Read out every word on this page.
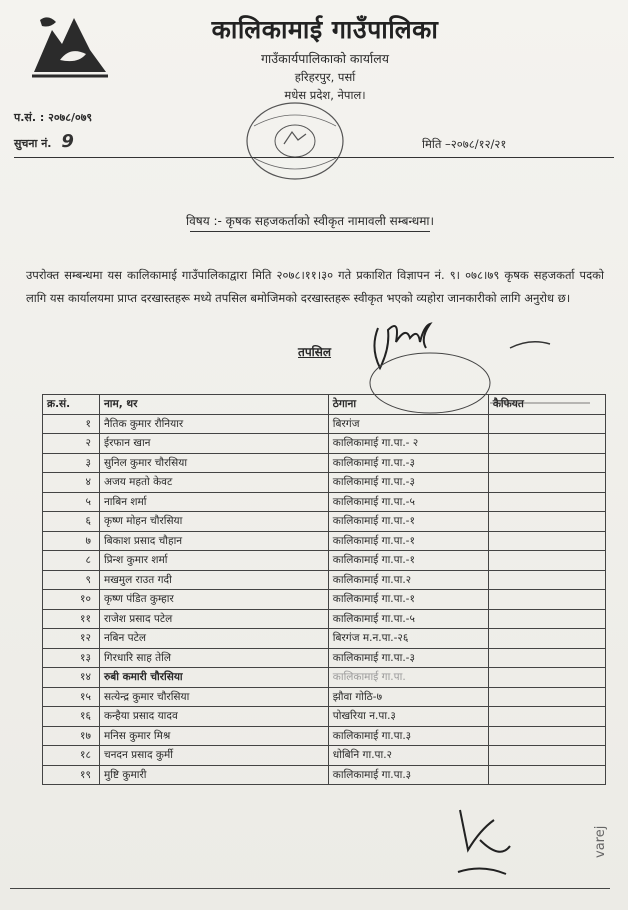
कालिकामाई गाउँपालिका
गाउँकार्यपालिकाको कार्यालय
हरिहरपुर, पर्सा
मधेस प्रदेश, नेपाल।
प.सं. : २०७८/०७९
सुचना नं. 9	मिति –२०७८/१२/२१
विषय :- कृषक सहजकर्ताको स्वीकृत नामावली सम्बन्धमा।
उपरोक्त सम्बन्धमा यस कालिकामाई गाउँपालिकाद्वारा मिति २०७८।११।३० गते प्रकाशित विज्ञापन नं. ९। ०७८।७९ कृषक सहजकर्ता पदको लागि यस कार्यालयमा प्राप्त दरखास्तहरू मध्ये तपसिल बमोजिमको दरखास्तहरू स्वीकृत भएको व्यहोरा जानकारीको लागि अनुरोध छ।
तपसिल
क्र.सं.	नाम, थर	ठेगाना	कैफियत
१	नैतिक कुमार रौनियार	बिरगंज	
२	ईरफान खान	कालिकामाई गा.पा.- २	
३	सुनिल कुमार चौरसिया	कालिकामाई गा.पा.-३	
४	अजय महतो केवट	कालिकामाई गा.पा.-३	
५	नाबिन शर्मा	कालिकामाई गा.पा.-५	
६	कृष्ण मोहन चौरसिया	कालिकामाई गा.पा.-१	
७	बिकाश प्रसाद चौहान	कालिकामाई गा.पा.-१	
८	प्रिन्श कुमार शर्मा	कालिकामाई गा.पा.-१	
९	मखमुल राउत गदी	कालिकामाई गा.पा.२	
१०	कृष्ण पंडित कुम्हार	कालिकामाई गा.पा.-१	
११	राजेश प्रसाद पटेल	कालिकामाई गा.पा.-५	
१२	नबिन पटेल	बिरगंज म.न.पा.-२६	
१३	गिरधारि साह तेलि	कालिकामाई गा.पा.-३	
१४	रुबी कमारी चौरसिया	कालिकामाई गा.पा.	
१५	सत्येन्द्र कुमार चौरसिया	झौवा गोठि-७	
१६	कन्हैया प्रसाद यादव	पोखरिया न.पा.३	
१७	मनिस कुमार मिश्र	कालिकामाई गा.पा.३	
१८	चनदन प्रसाद कुर्मी	धोबिनि गा.पा.२	
१९	मुष्टि कुमारी	कालिकामाई गा.पा.३	
varej
